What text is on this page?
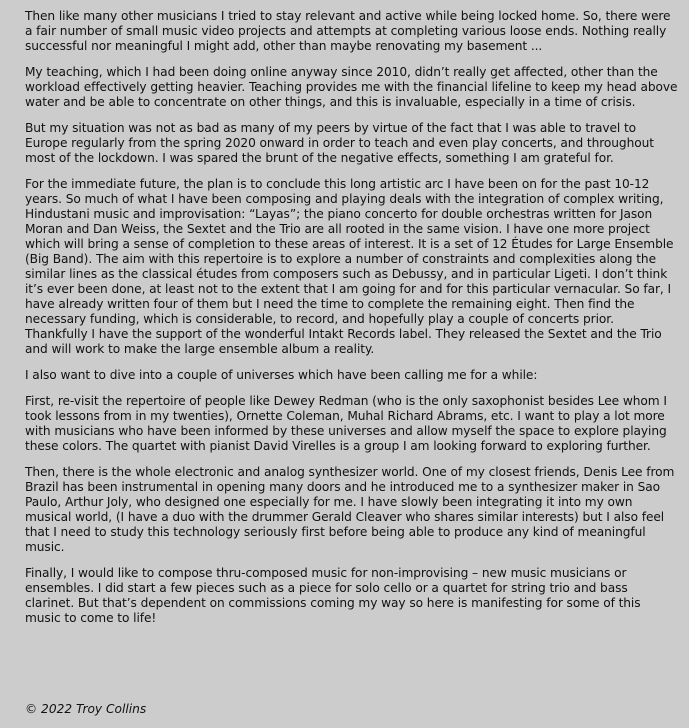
Then like many other musicians I tried to stay relevant and active while being locked home. So, there were a fair number of small music video projects and attempts at completing various loose ends. Nothing really successful nor meaningful I might add, other than maybe renovating my basement ...

My teaching, which I had been doing online anyway since 2010, didn’t really get affected, other than the workload effectively getting heavier. Teaching provides me with the financial lifeline to keep my head above water and be able to concentrate on other things, and this is invaluable, especially in a time of crisis.

But my situation was not as bad as many of my peers by virtue of the fact that I was able to travel to Europe regularly from the spring 2020 onward in order to teach and even play concerts, and throughout most of the lockdown. I was spared the brunt of the negative effects, something I am grateful for.

For the immediate future, the plan is to conclude this long artistic arc I have been on for the past 10-12 years. So much of what I have been composing and playing deals with the integration of complex writing, Hindustani music and improvisation: “Layas”; the piano concerto for double orchestras written for Jason Moran and Dan Weiss, the Sextet and the Trio are all rooted in the same vision. I have one more project which will bring a sense of completion to these areas of interest. It is a set of 12 Études for Large Ensemble (Big Band). The aim with this repertoire is to explore a number of constraints and complexities along the similar lines as the classical études from composers such as Debussy, and in particular Ligeti. I don’t think it’s ever been done, at least not to the extent that I am going for and for this particular vernacular. So far, I have already written four of them but I need the time to complete the remaining eight. Then find the necessary funding, which is considerable, to record, and hopefully play a couple of concerts prior. Thankfully I have the support of the wonderful Intakt Records label. They released the Sextet and the Trio and will work to make the large ensemble album a reality.

I also want to dive into a couple of universes which have been calling me for a while:

First, re-visit the repertoire of people like Dewey Redman (who is the only saxophonist besides Lee whom I took lessons from in my twenties), Ornette Coleman, Muhal Richard Abrams, etc. I want to play a lot more with musicians who have been informed by these universes and allow myself the space to explore playing these colors. The quartet with pianist David Virelles is a group I am looking forward to exploring further.

Then, there is the whole electronic and analog synthesizer world. One of my closest friends, Denis Lee from Brazil has been instrumental in opening many doors and he introduced me to a synthesizer maker in Sao Paulo, Arthur Joly, who designed one especially for me. I have slowly been integrating it into my own musical world, (I have a duo with the drummer Gerald Cleaver who shares similar interests) but I also feel that I need to study this technology seriously first before being able to produce any kind of meaningful music.

Finally, I would like to compose thru-composed music for non-improvising – new music musicians or ensembles. I did start a few pieces such as a piece for solo cello or a quartet for string trio and bass clarinet. But that’s dependent on commissions coming my way so here is manifesting for some of this music to come to life!

© 2022 Troy Collins
